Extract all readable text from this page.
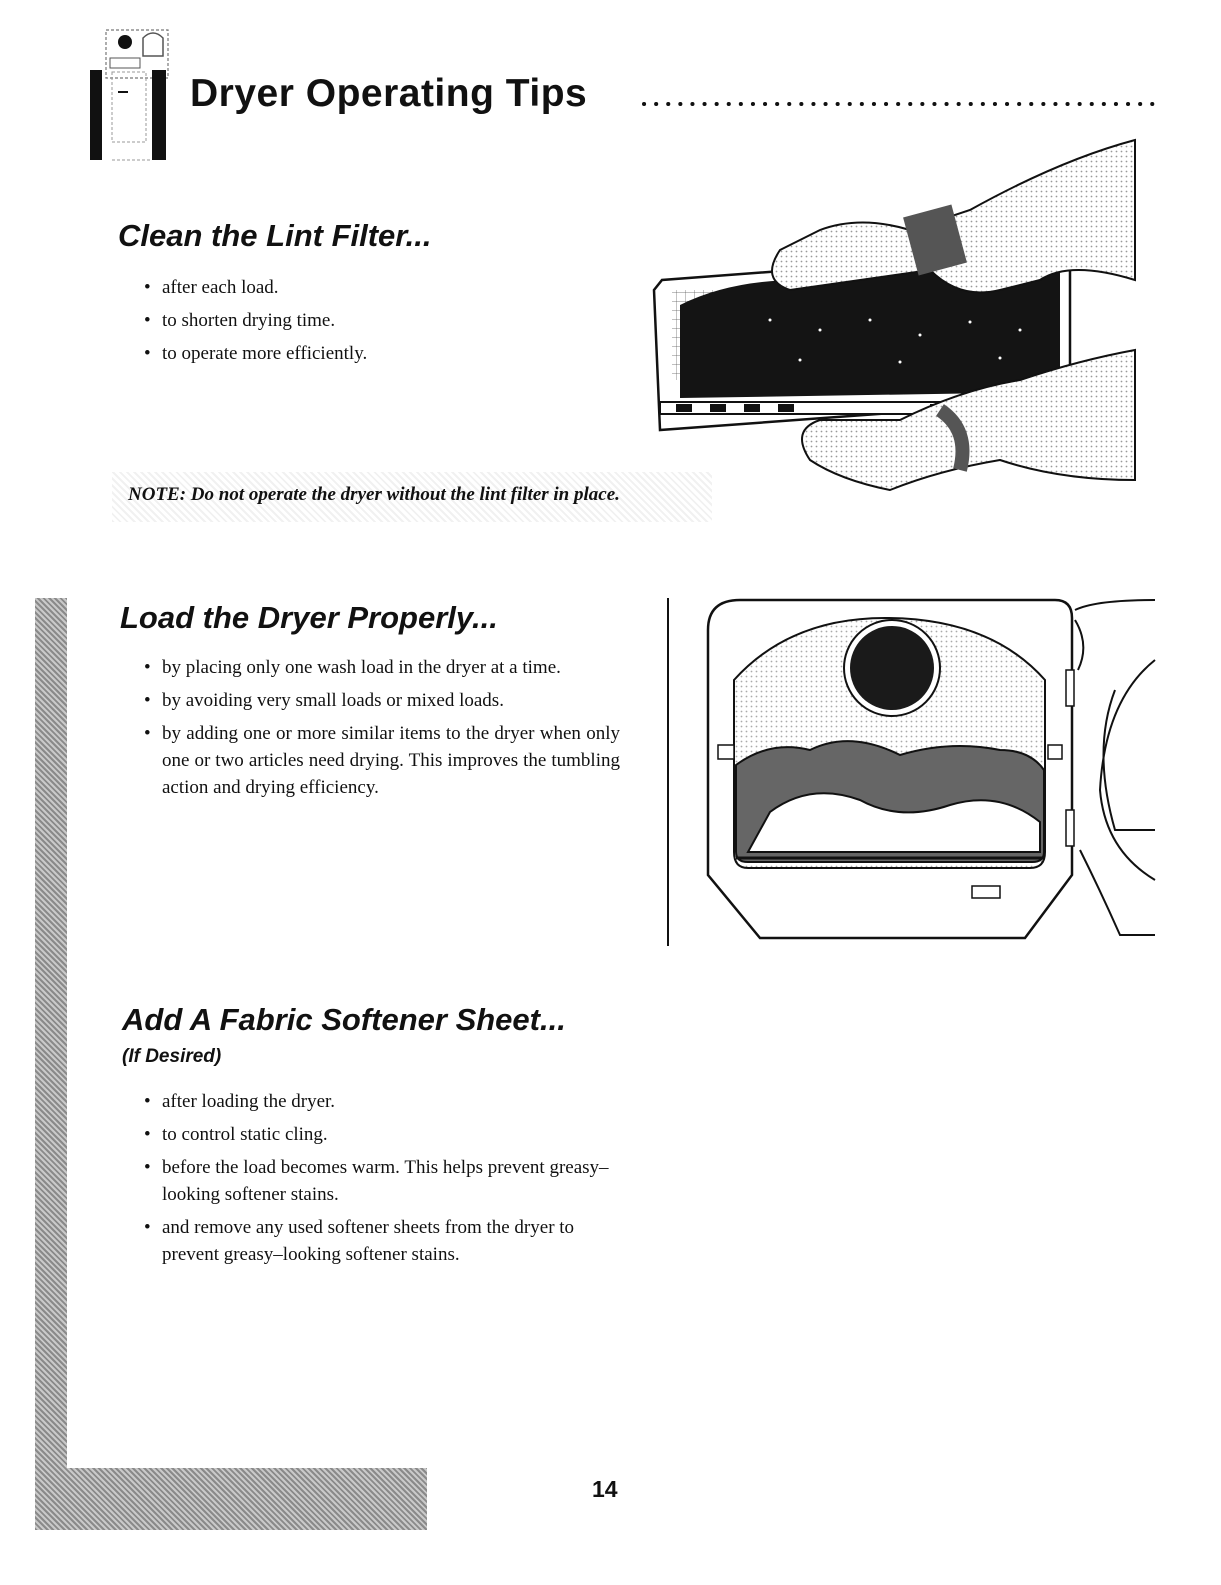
Dryer Operating Tips
Clean the Lint Filter...
• after each load.
• to shorten drying time.
• to operate more efficiently.

NOTE: Do not operate the dryer without the lint filter in place.

Load the Dryer Properly...
• by placing only one wash load in the dryer at a time.
• by avoiding very small loads or mixed loads.
• by adding one or more similar items to the dryer when only one or two articles need drying. This improves the tumbling action and drying efficiency.
Add A Fabric Softener Sheet...

(If Desired)

• after loading the dryer.
• to control static cling.
• before the load becomes warm. This helps prevent greasy–looking softener stains.
• and remove any used softener sheets from the dryer to prevent greasy–looking softener stains.

14
